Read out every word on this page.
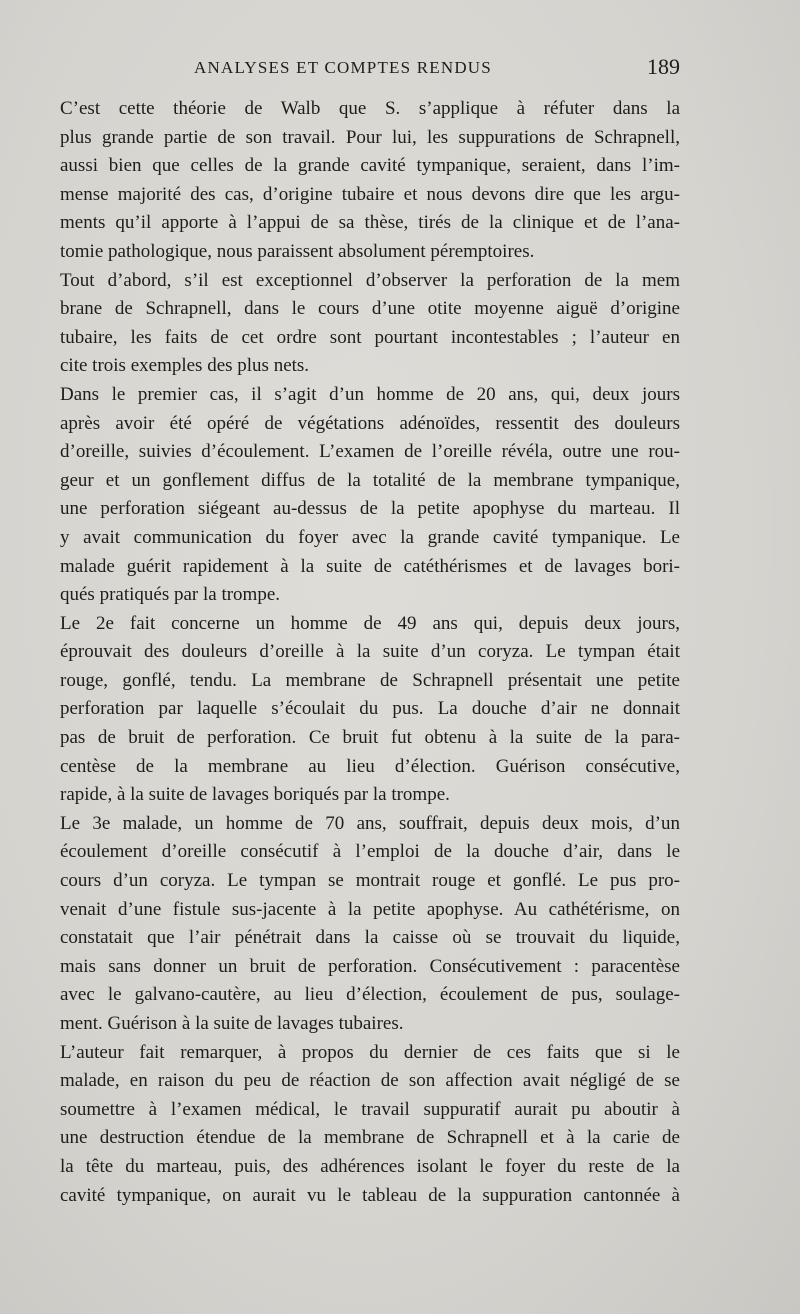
ANALYSES ET COMPTES RENDUS	189

C’est cette théorie de Walb que S. s’applique à réfuter dans la
plus grande partie de son travail. Pour lui, les suppurations de Schrapnell,
aussi bien que celles de la grande cavité tympanique, seraient, dans l’im-
mense majorité des cas, d’origine tubaire et nous devons dire que les argu-
ments qu’il apporte à l’appui de sa thèse, tirés de la clinique et de l’ana-
tomie pathologique, nous paraissent absolument péremptoires.

Tout d’abord, s’il est exceptionnel d’observer la perforation de la mem
brane de Schrapnell, dans le cours d’une otite moyenne aiguë d’origine
tubaire, les faits de cet ordre sont pourtant incontestables ; l’auteur en
cite trois exemples des plus nets.

Dans le premier cas, il s’agit d’un homme de 20 ans, qui, deux jours
après avoir été opéré de végétations adénoïdes, ressentit des douleurs
d’oreille, suivies d’écoulement. L’examen de l’oreille révéla, outre une rou-
geur et un gonflement diffus de la totalité de la membrane tympanique,
une perforation siégeant au-dessus de la petite apophyse du marteau. Il
y avait communication du foyer avec la grande cavité tympanique. Le
malade guérit rapidement à la suite de catéthérismes et de lavages bori-
qués pratiqués par la trompe.

Le 2e fait concerne un homme de 49 ans qui, depuis deux jours,
éprouvait des douleurs d’oreille à la suite d’un coryza. Le tympan était
rouge, gonflé, tendu. La membrane de Schrapnell présentait une petite
perforation par laquelle s’écoulait du pus. La douche d’air ne donnait
pas de bruit de perforation. Ce bruit fut obtenu à la suite de la para-
centèse de la membrane au lieu d’élection. Guérison consécutive,
rapide, à la suite de lavages boriqués par la trompe.

Le 3e malade, un homme de 70 ans, souffrait, depuis deux mois, d’un
écoulement d’oreille consécutif à l’emploi de la douche d’air, dans le
cours d’un coryza. Le tympan se montrait rouge et gonflé. Le pus pro-
venait d’une fistule sus-jacente à la petite apophyse. Au cathétérisme, on
constatait que l’air pénétrait dans la caisse où se trouvait du liquide,
mais sans donner un bruit de perforation. Consécutivement : paracentèse
avec le galvano-cautère, au lieu d’élection, écoulement de pus, soulage-
ment. Guérison à la suite de lavages tubaires.

L’auteur fait remarquer, à propos du dernier de ces faits que si le
malade, en raison du peu de réaction de son affection avait négligé de se
soumettre à l’examen médical, le travail suppuratif aurait pu aboutir à
une destruction étendue de la membrane de Schrapnell et à la carie de
la tête du marteau, puis, des adhérences isolant le foyer du reste de la
cavité tympanique, on aurait vu le tableau de la suppuration cantonnée à
